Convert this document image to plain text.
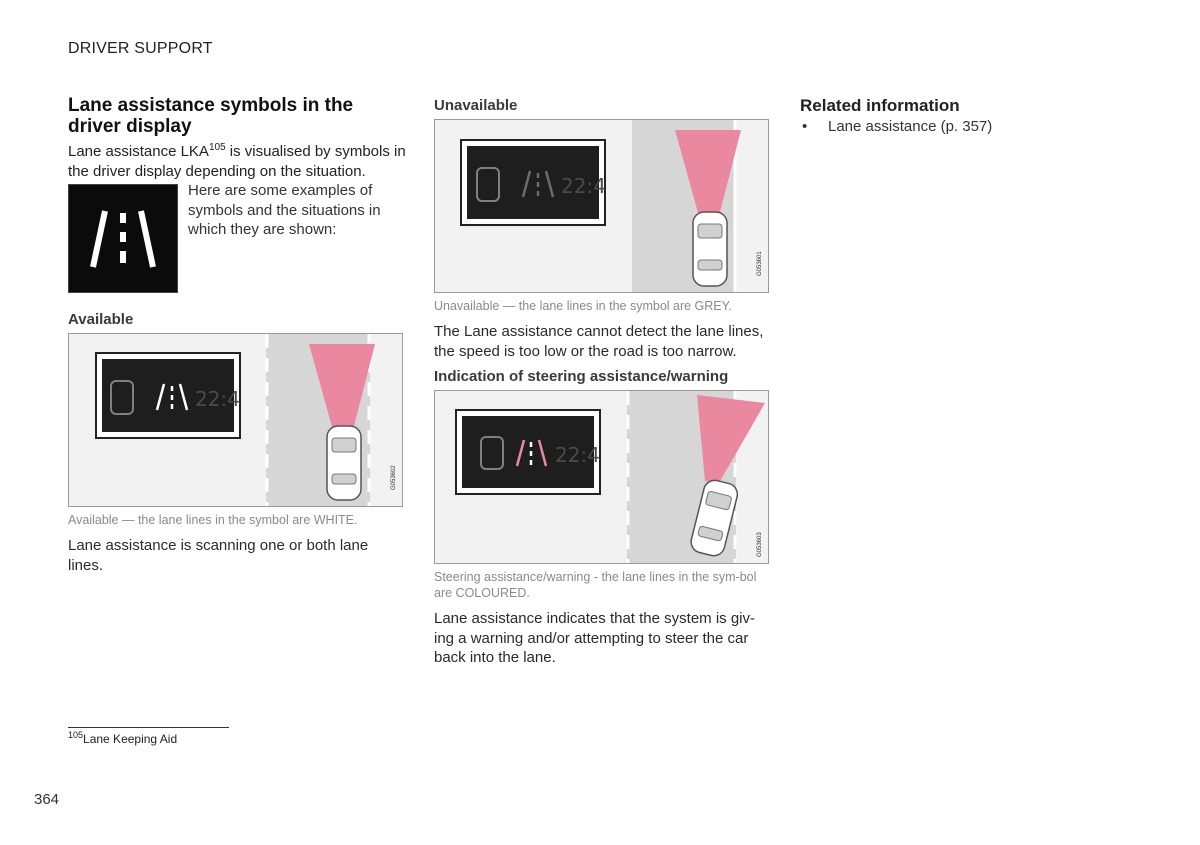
DRIVER SUPPORT
Lane assistance symbols in the driver display
Lane assistance LKA$^{105}$ is visualised by symbols in the driver display depending on the situation.
Here are some examples of symbols and the situations in which they are shown:
Available
22:4
G053602
Available — the lane lines in the symbol are WHITE.
Lane assistance is scanning one or both lane lines.
Unavailable
22:4
G053601
Unavailable — the lane lines in the symbol are GREY.
The Lane assistance cannot detect the lane lines, the speed is too low or the road is too narrow.
Indication of steering assistance/warning
22:4
G053603
Steering assistance/warning - the lane lines in the sym-bol are COLOURED.
Lane assistance indicates that the system is giv-ing a warning and/or attempting to steer the car back into the lane.
Related information
• Lane assistance (p. 357)
$^{105}$Lane Keeping Aid
364
